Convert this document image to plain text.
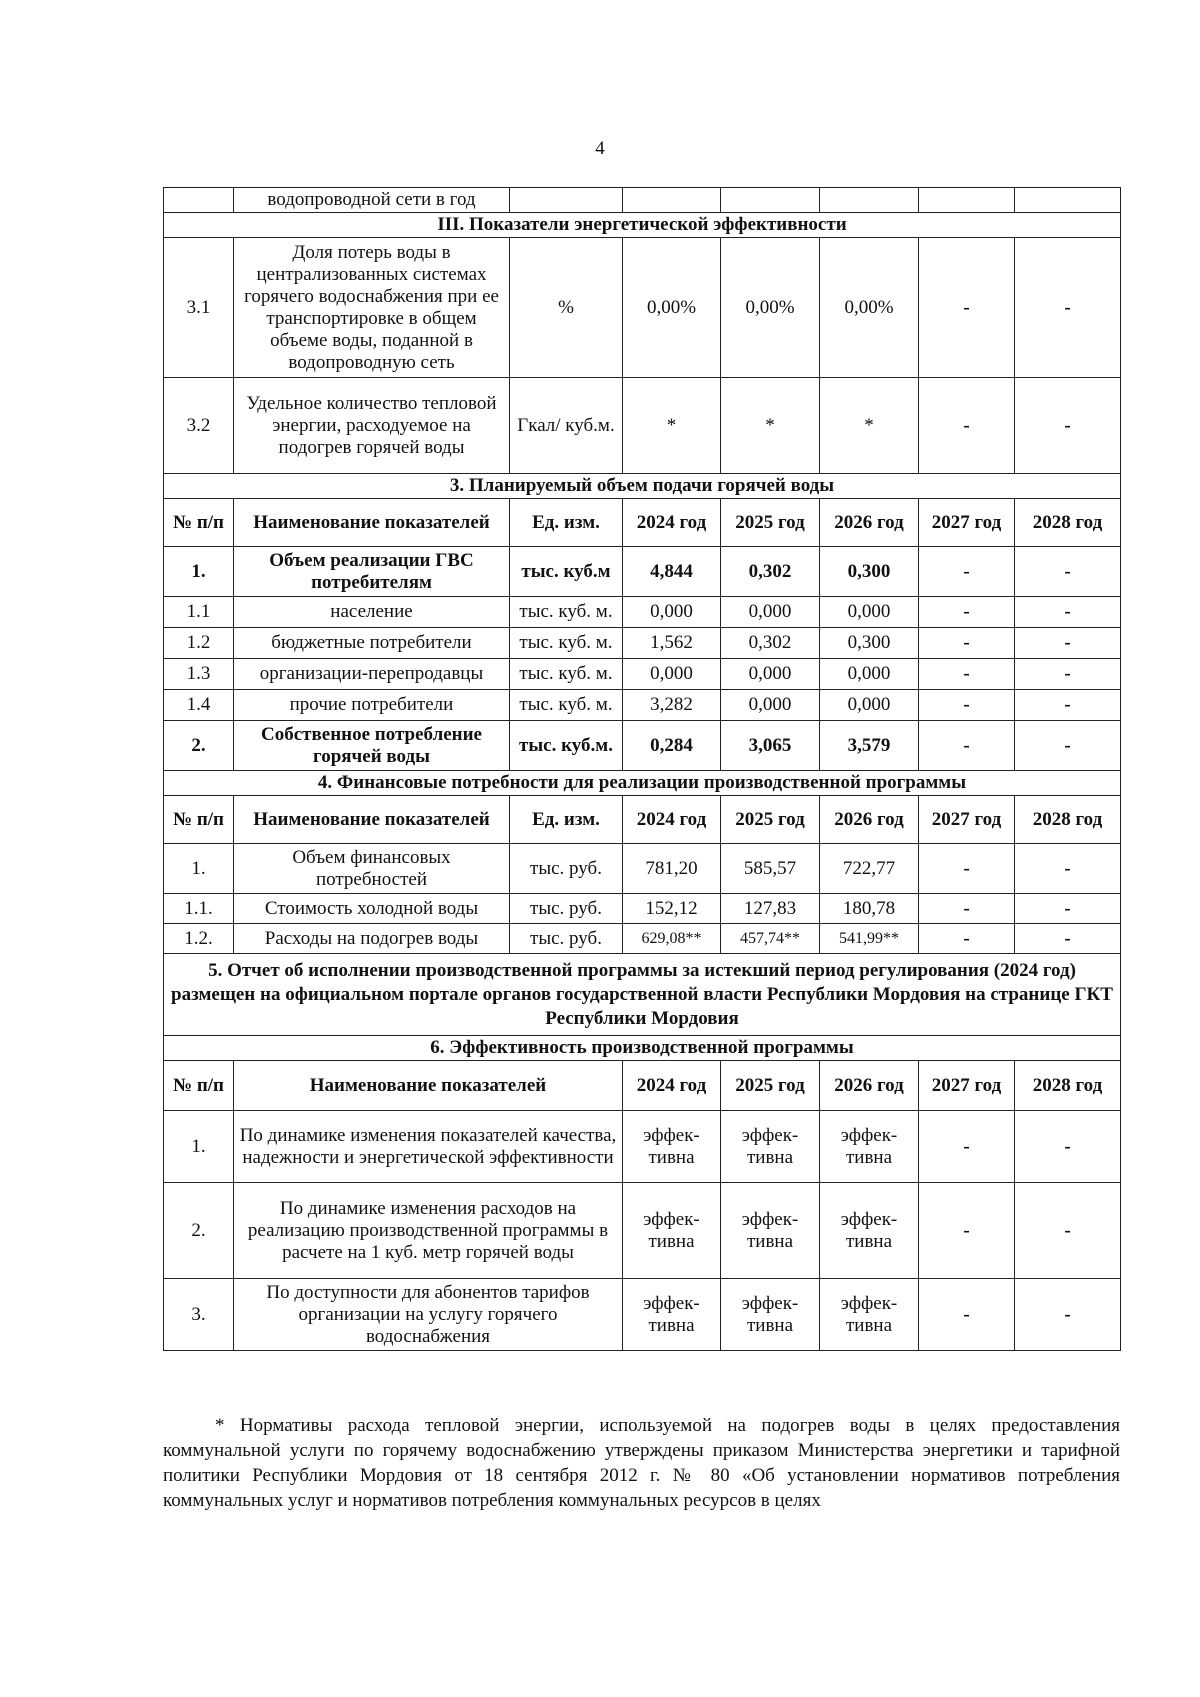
4
	водопроводной сети в год						
III. Показатели энергетической эффективности							
3.1	Доля потерь воды в централизованных системах горячего водоснабжения при ее транспортировке в общем объеме воды, поданной в водопроводную сеть	%	0,00%	0,00%	0,00%	-	-
3.2	Удельное количество тепловой энергии, расходуемое на подогрев горячей воды	Гкал/ куб.м.	*	*	*	-	-
3. Планируемый объем подачи горячей воды							
№ п/п	Наименование показателей	Ед. изм.	2024 год	2025 год	2026 год	2027 год	2028 год
1.	Объем реализации ГВС потребителям	тыс. куб.м	4,844	0,302	0,300	-	-
1.1	население	тыс. куб. м.	0,000	0,000	0,000	-	-
1.2	бюджетные потребители	тыс. куб. м.	1,562	0,302	0,300	-	-
1.3	организации-перепродавцы	тыс. куб. м.	0,000	0,000	0,000	-	-
1.4	прочие потребители	тыс. куб. м.	3,282	0,000	0,000	-	-
2.	Собственное потребление горячей воды	тыс. куб.м.	0,284	3,065	3,579	-	-
4. Финансовые потребности для реализации производственной программы							
№ п/п	Наименование показателей	Ед. изм.	2024 год	2025 год	2026 год	2027 год	2028 год
1.	Объем финансовых потребностей	тыс. руб.	781,20	585,57	722,77	-	-
1.1.	Стоимость холодной воды	тыс. руб.	152,12	127,83	180,78	-	-
1.2.	Расходы на подогрев воды	тыс. руб.	629,08**	457,74**	541,99**	-	-
5. Отчет об исполнении производственной программы за истекший период регулирования (2024 год) размещен на официальном портале органов государственной власти Республики Мордовия на странице ГКТ Республики Мордовия							
6. Эффективность производственной программы							
№ п/п	Наименование показателей		2024 год	2025 год	2026 год	2027 год	2028 год
1.	По динамике изменения показателей качества, надежности и энергетической эффективности		эффек-тивна	эффек-тивна	эффек-тивна	-	-
2.	По динамике изменения расходов на реализацию производственной программы в расчете на 1 куб. метр горячей воды		эффек-тивна	эффек-тивна	эффек-тивна	-	-
3.	По доступности для абонентов тарифов организации на услугу горячего водоснабжения		эффек-тивна	эффек-тивна	эффек-тивна	-	-

* Нормативы расхода тепловой энергии, используемой на подогрев воды в целях предоставления коммунальной услуги по горячему водоснабжению утверждены приказом Министерства энергетики и тарифной политики Республики Мордовия от 18 сентября 2012 г. № 80 «Об установлении нормативов потребления коммунальных услуг и нормативов потребления коммунальных ресурсов в целях
